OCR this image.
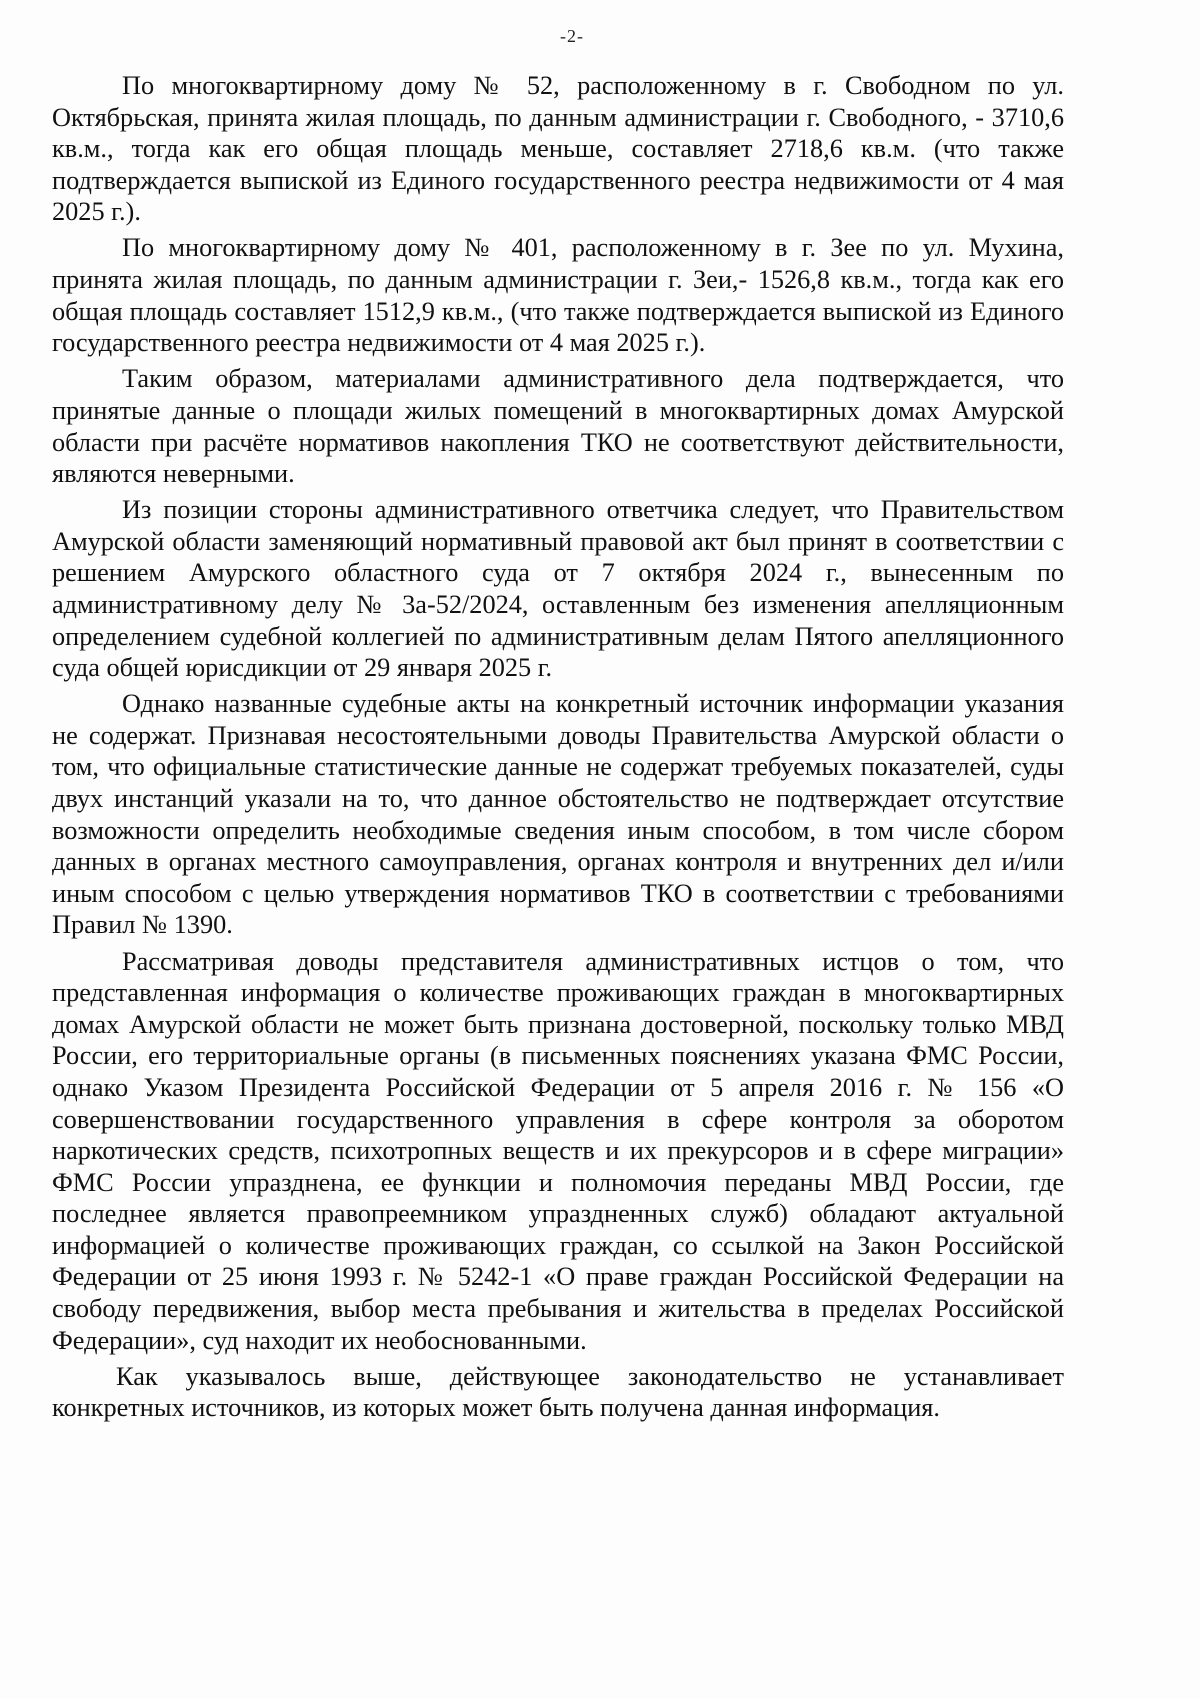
-2-

По многоквартирному дому № 52, расположенному в г. Свободном по ул. Октябрьская, принята жилая площадь, по данным администрации г. Свободного, - 3710,6 кв.м., тогда как его общая площадь меньше, составляет 2718,6 кв.м. (что также подтверждается выпиской из Единого государственного реестра недвижимости от 4 мая 2025 г.).

По многоквартирному дому № 401, расположенному в г. Зее по ул. Мухина, принята жилая площадь, по данным администрации г. Зеи,- 1526,8 кв.м., тогда как его общая площадь составляет 1512,9 кв.м., (что также подтверждается выпиской из Единого государственного реестра недвижимости от 4 мая 2025 г.).

Таким образом, материалами административного дела подтверждается, что принятые данные о площади жилых помещений в многоквартирных домах Амурской области при расчёте нормативов накопления ТКО не соответствуют действительности, являются неверными.

Из позиции стороны административного ответчика следует, что Правительством Амурской области заменяющий нормативный правовой акт был принят в соответствии с решением Амурского областного суда от 7 октября 2024 г., вынесенным по административному делу № 3а-52/2024, оставленным без изменения апелляционным определением судебной коллегией по административным делам Пятого апелляционного суда общей юрисдикции от 29 января 2025 г.

Однако названные судебные акты на конкретный источник информации указания не содержат. Признавая несостоятельными доводы Правительства Амурской области о том, что официальные статистические данные не содержат требуемых показателей, суды двух инстанций указали на то, что данное обстоятельство не подтверждает отсутствие возможности определить необходимые сведения иным способом, в том числе сбором данных в органах местного самоуправления, органах контроля и внутренних дел и/или иным способом с целью утверждения нормативов ТКО в соответствии с требованиями Правил № 1390.

Рассматривая доводы представителя административных истцов о том, что представленная информация о количестве проживающих граждан в многоквартирных домах Амурской области не может быть признана достоверной, поскольку только МВД России, его территориальные органы (в письменных пояснениях указана ФМС России, однако Указом Президента Российской Федерации от 5 апреля 2016 г. № 156 «О совершенствовании государственного управления в сфере контроля за оборотом наркотических средств, психотропных веществ и их прекурсоров и в сфере миграции» ФМС России упразднена, ее функции и полномочия переданы МВД России, где последнее является правопреемником упраздненных служб) обладают актуальной информацией о количестве проживающих граждан, со ссылкой на Закон Российской Федерации от 25 июня 1993 г. № 5242-1 «О праве граждан Российской Федерации на свободу передвижения, выбор места пребывания и жительства в пределах Российской Федерации», суд находит их необоснованными.

Как указывалось выше, действующее законодательство не устанавливает конкретных источников, из которых может быть получена данная информация.
